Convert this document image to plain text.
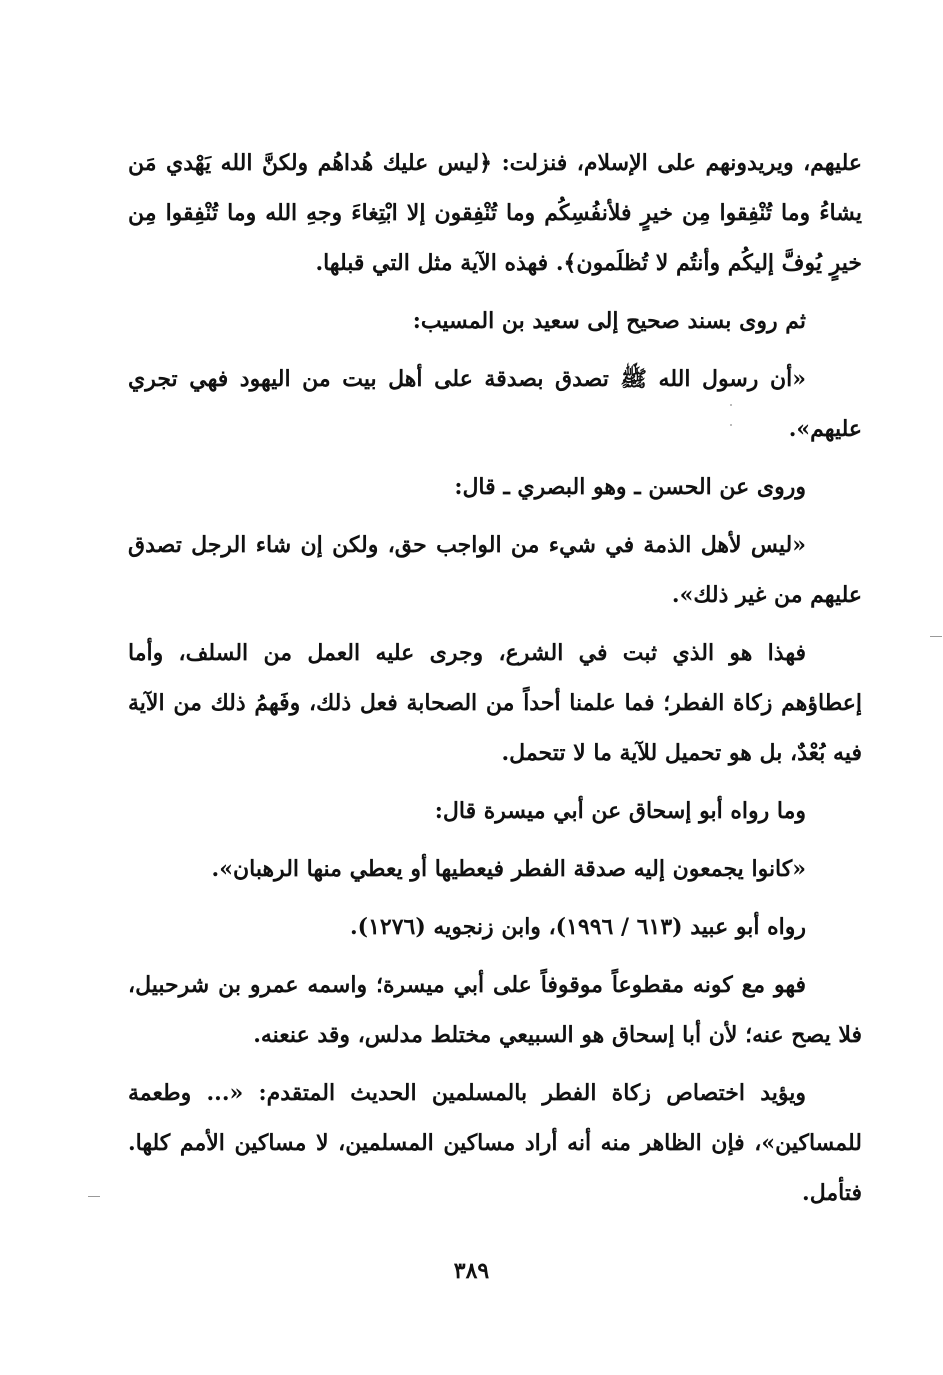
عليهم، ويريدونهم على الإسلام، فنزلت: ﴿ليس عليك هُداهُم ولكنَّ الله يَهْدي مَن يشاءُ وما تُنْفِقوا مِن خيرٍ فلأنفُسِكُم وما تُنْفِقون إلا ابْتِغاءَ وجهِ الله وما تُنْفِقوا مِن خيرٍ يُوفَّ إليكُم وأنتُم لا تُظلَمون﴾. فهذه الآية مثل التي قبلها.

ثم روى بسند صحيح إلى سعيد بن المسيب:

«أن رسول الله ﷺ تصدق بصدقة على أهل بيت من اليهود فهي تجري عليهم».

وروى عن الحسن ـ وهو البصري ـ قال:

«ليس لأهل الذمة في شيء من الواجب حق، ولكن إن شاء الرجل تصدق عليهم من غير ذلك».

فهذا هو الذي ثبت في الشرع، وجرى عليه العمل من السلف، وأما إعطاؤهم زكاة الفطر؛ فما علمنا أحداً من الصحابة فعل ذلك، وفَهمُ ذلك من الآية فيه بُعْدٌ، بل هو تحميل للآية ما لا تتحمل.

وما رواه أبو إسحاق عن أبي ميسرة قال:

«كانوا يجمعون إليه صدقة الفطر فيعطيها أو يعطي منها الرهبان».

رواه أبو عبيد (٦١٣ / ١٩٩٦)، وابن زنجويه (١٢٧٦).

فهو مع كونه مقطوعاً موقوفاً على أبي ميسرة؛ واسمه عمرو بن شرحبيل، فلا يصح عنه؛ لأن أبا إسحاق هو السبيعي مختلط مدلس، وقد عنعنه.

ويؤيد اختصاص زكاة الفطر بالمسلمين الحديث المتقدم: «... وطعمة للمساكين»، فإن الظاهر منه أنه أراد مساكين المسلمين، لا مساكين الأمم كلها. فتأمل.

٣٨٩
